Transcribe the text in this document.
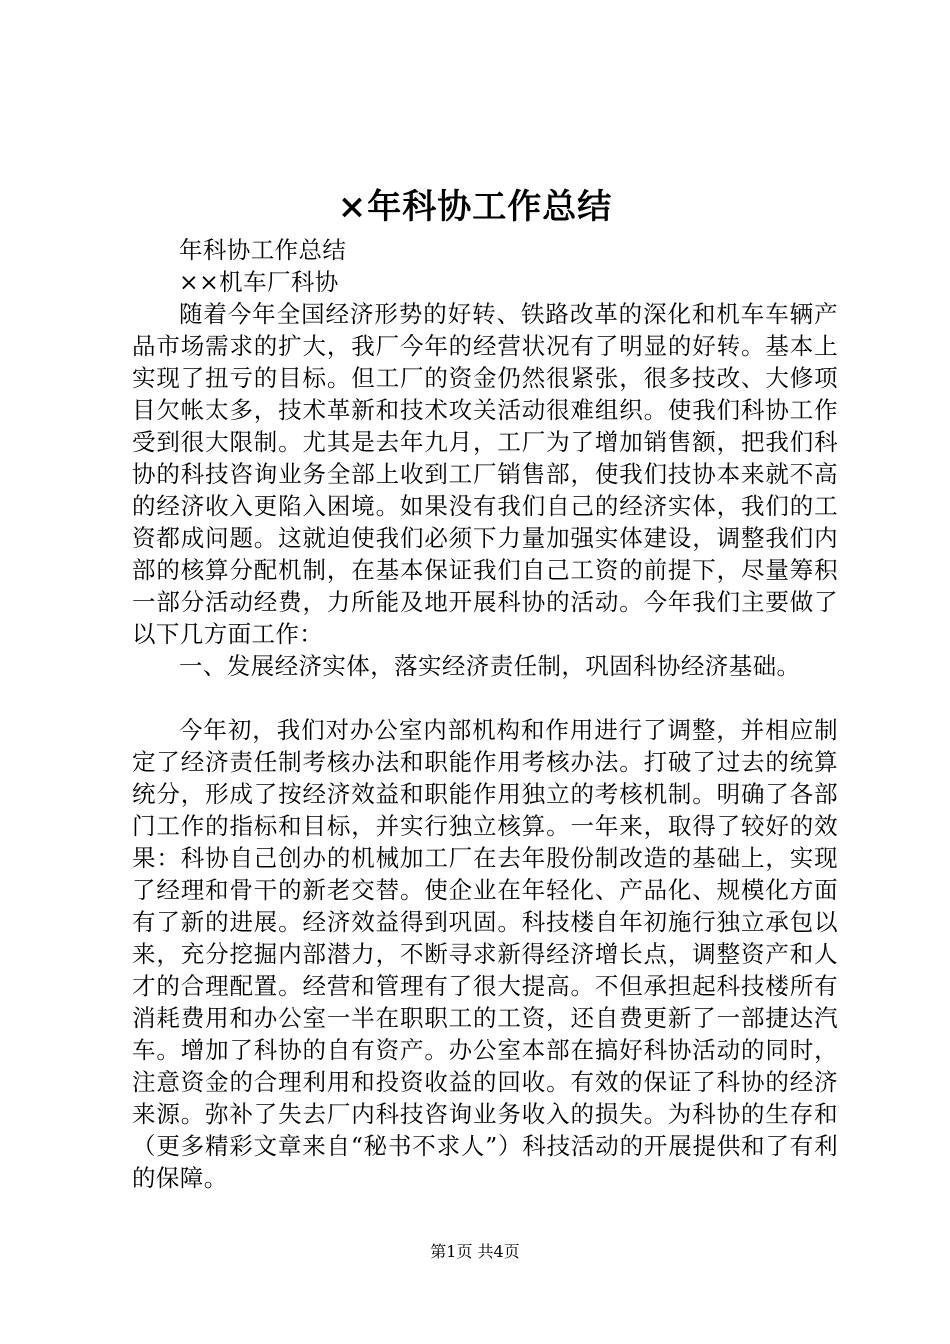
×年科协工作总结

年科协工作总结

××机车厂科协

随着今年全国经济形势的好转、铁路改革的深化和机车车辆产品市场需求的扩大，我厂今年的经营状况有了明显的好转。基本上实现了扭亏的目标。但工厂的资金仍然很紧张，很多技改、大修项目欠帐太多，技术革新和技术攻关活动很难组织。使我们科协工作受到很大限制。尤其是去年九月，工厂为了增加销售额，把我们科协的科技咨询业务全部上收到工厂销售部，使我们技协本来就不高的经济收入更陷入困境。如果没有我们自己的经济实体，我们的工资都成问题。这就迫使我们必须下力量加强实体建设，调整我们内部的核算分配机制，在基本保证我们自己工资的前提下，尽量筹积一部分活动经费，力所能及地开展科协的活动。今年我们主要做了以下几方面工作：

一、发展经济实体，落实经济责任制，巩固科协经济基础。

今年初，我们对办公室内部机构和作用进行了调整，并相应制定了经济责任制考核办法和职能作用考核办法。打破了过去的统算统分，形成了按经济效益和职能作用独立的考核机制。明确了各部门工作的指标和目标，并实行独立核算。一年来，取得了较好的效果：科协自己创办的机械加工厂在去年股份制改造的基础上，实现了经理和骨干的新老交替。使企业在年轻化、产品化、规模化方面有了新的进展。经济效益得到巩固。科技楼自年初施行独立承包以来，充分挖掘内部潜力，不断寻求新得经济增长点，调整资产和人才的合理配置。经营和管理有了很大提高。不但承担起科技楼所有消耗费用和办公室一半在职职工的工资，还自费更新了一部捷达汽车。增加了科协的自有资产。办公室本部在搞好科协活动的同时，注意资金的合理利用和投资收益的回收。有效的保证了科协的经济来源。弥补了失去厂内科技咨询业务收入的损失。为科协的生存和（更多精彩文章来自“秘书不求人”）科技活动的开展提供和了有利的保障。

第1页 共4页
